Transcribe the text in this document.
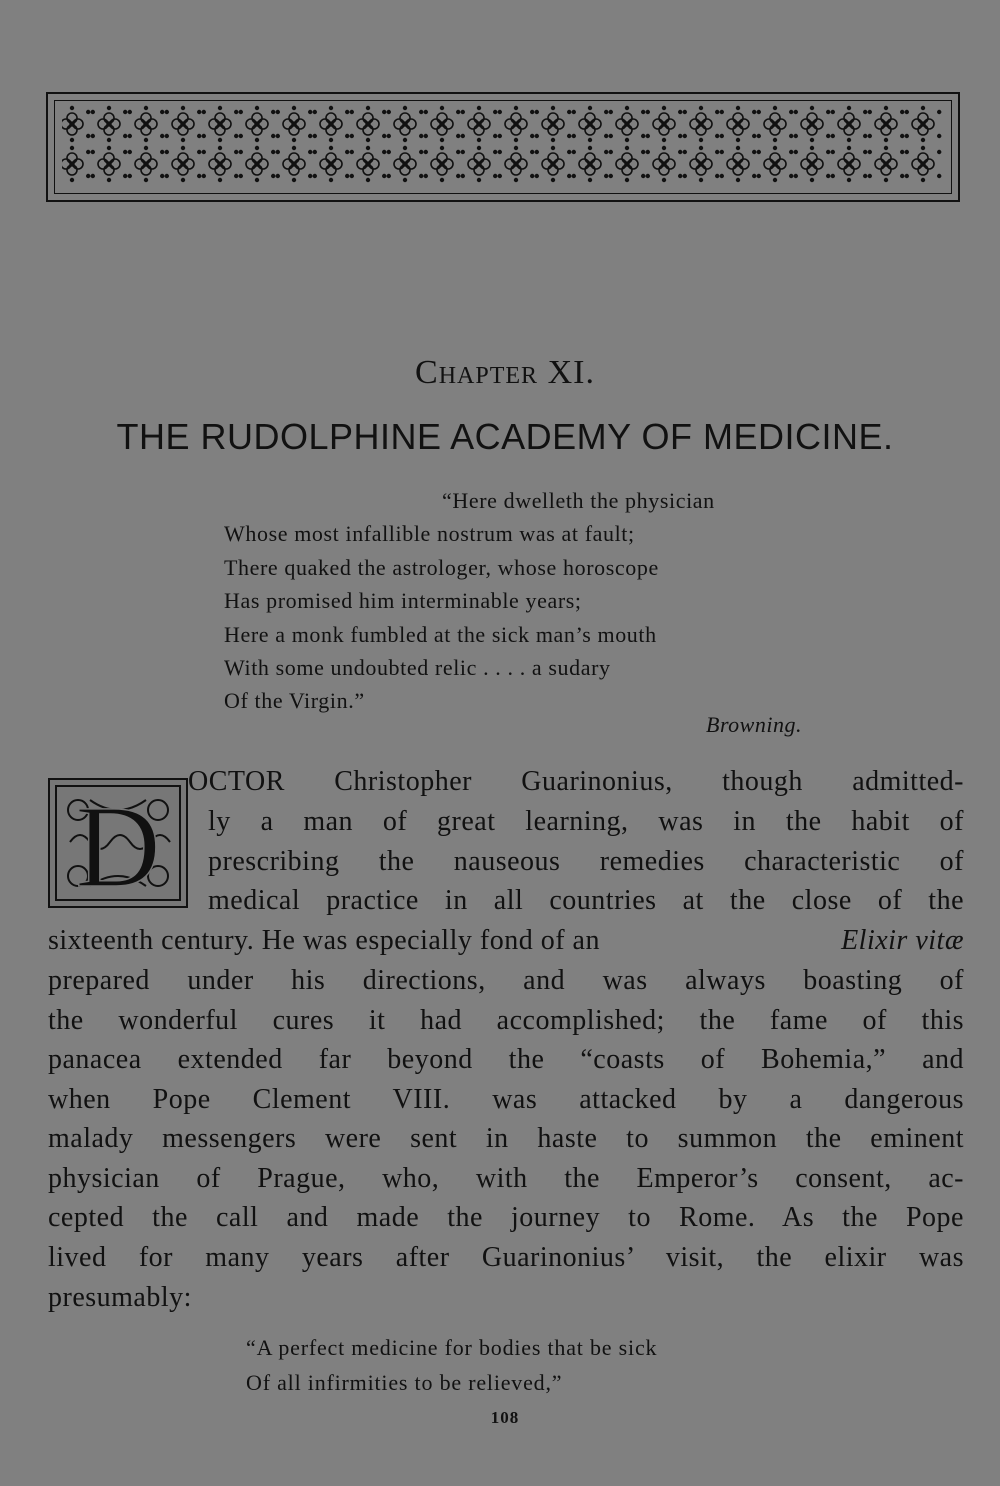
Chapter XI.
THE RUDOLPHINE ACADEMY OF MEDICINE.
“Here dwelleth the physician
Whose most infallible nostrum was at fault;
There quaked the astrologer, whose horoscope
Has promised him interminable years;
Here a monk fumbled at the sick man’s mouth
With some undoubted relic . . . . a sudary
Of the Virgin.”
Browning.
D OCTOR Christopher Guarinonius, though admitted-
ly a man of great learning, was in the habit of
prescribing the nauseous remedies characteristic of
medical practice in all countries at the close of the
sixteenth century. He was especially fond of an	Elixir vitæ
prepared under his directions, and was always boasting of
the wonderful cures it had accomplished; the fame of this
panacea extended far beyond the “coasts of Bohemia,” and
when Pope Clement VIII. was attacked by a dangerous
malady messengers were sent in haste to summon the eminent
physician of Prague, who, with the Emperor’s consent, ac-
cepted the call and made the journey to Rome. As the Pope
lived for many years after Guarinonius’ visit, the elixir was
presumably:
“A perfect medicine for bodies that be sick
Of all infirmities to be relieved,”
108
